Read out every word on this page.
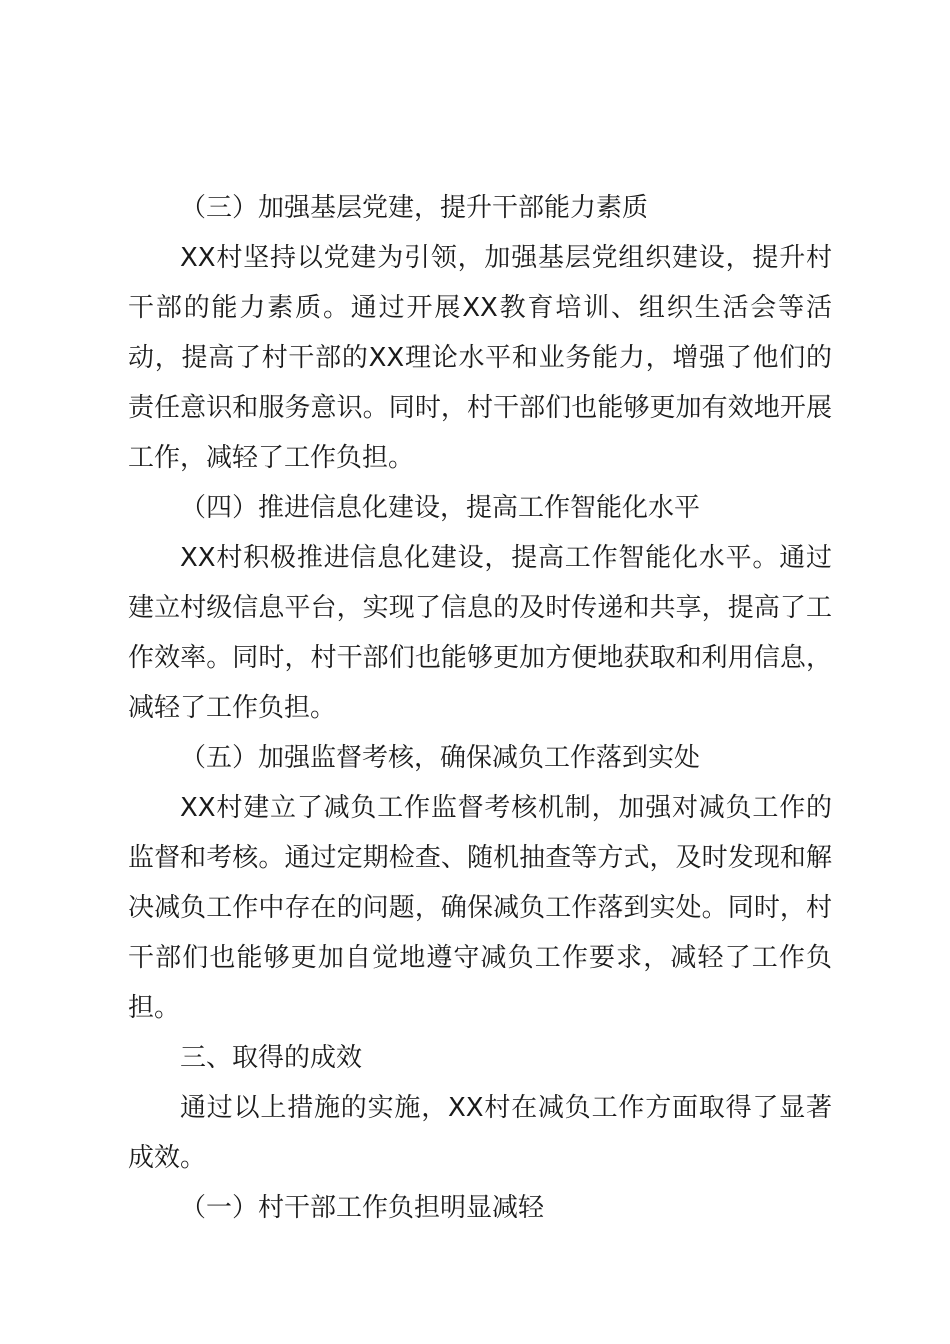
（三）加强基层党建，提升干部能力素质

XX村坚持以党建为引领，加强基层党组织建设，提升村干部的能力素质。通过开展XX教育培训、组织生活会等活动，提高了村干部的XX理论水平和业务能力，增强了他们的责任意识和服务意识。同时，村干部们也能够更加有效地开展工作，减轻了工作负担。

（四）推进信息化建设，提高工作智能化水平

XX村积极推进信息化建设，提高工作智能化水平。通过建立村级信息平台，实现了信息的及时传递和共享，提高了工作效率。同时，村干部们也能够更加方便地获取和利用信息，减轻了工作负担。

（五）加强监督考核，确保减负工作落到实处

XX村建立了减负工作监督考核机制，加强对减负工作的监督和考核。通过定期检查、随机抽查等方式，及时发现和解决减负工作中存在的问题，确保减负工作落到实处。同时，村干部们也能够更加自觉地遵守减负工作要求，减轻了工作负担。

三、取得的成效

通过以上措施的实施，XX村在减负工作方面取得了显著成效。

（一）村干部工作负担明显减轻
